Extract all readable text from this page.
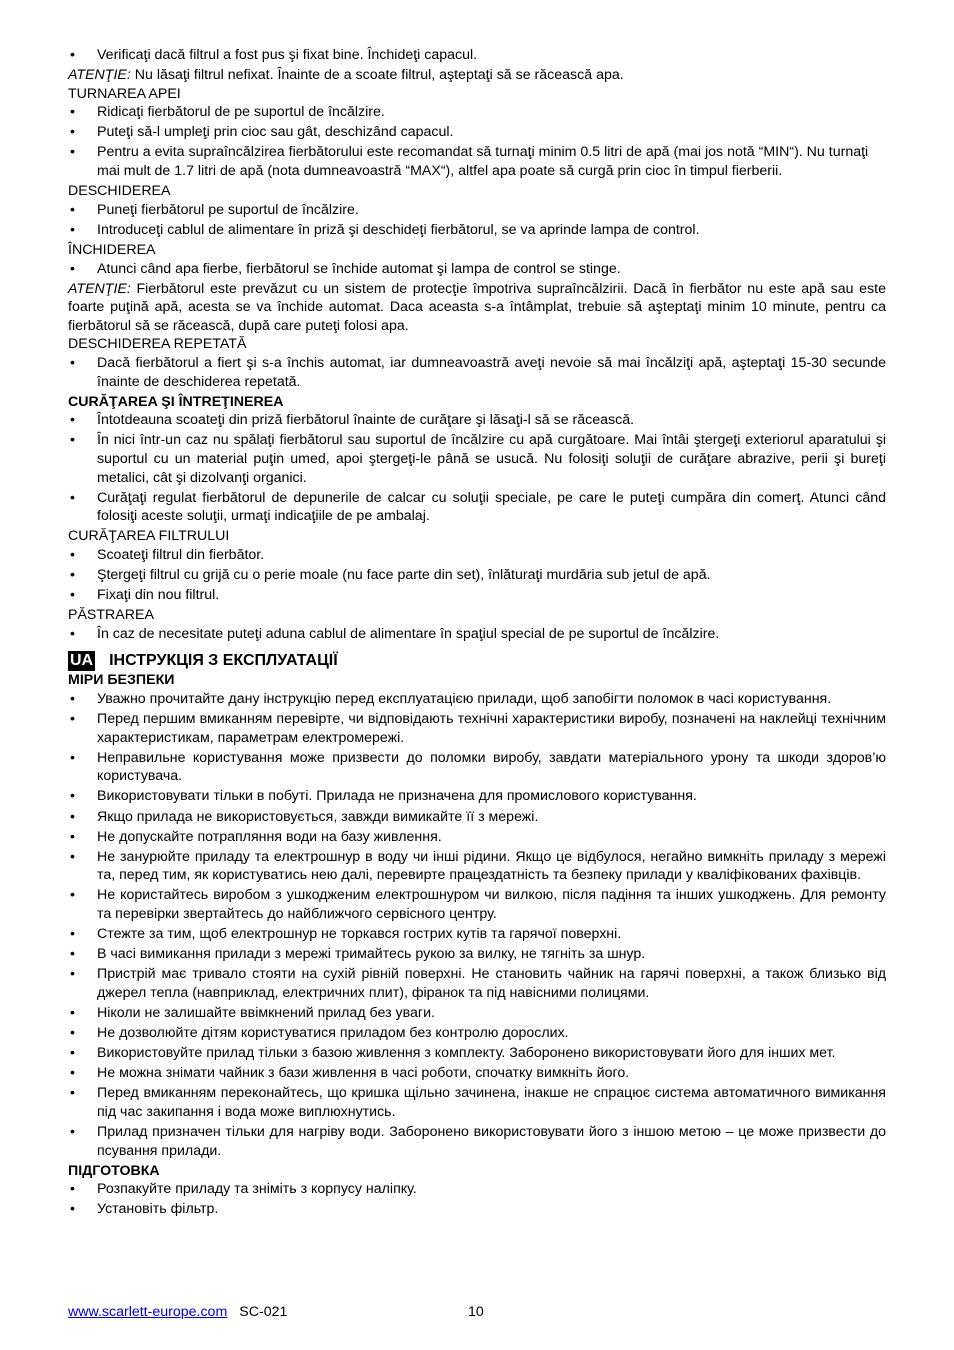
• Verificaţi dacă filtrul a fost pus şi fixat bine. Închideţi capacul.

ATENŢIE: Nu lăsaţi filtrul nefixat. Înainte de a scoate filtrul, aşteptaţi să se răcească apa.

TURNAREA APEI

• Ridicaţi fierbătorul de pe suportul de încălzire.
• Puteţi să-l umpleţi prin cioc sau gât, deschizând capacul.
• Pentru a evita supraîncălzirea fierbătorului este recomandat să turnaţi minim 0.5 litri de apă (mai jos notă “MIN“). Nu turnaţi mai mult de 1.7 litri de apă (nota dumneavoastră “MAX“), altfel apa poate să curgă prin cioc în timpul fierberii.

DESCHIDEREA

• Puneţi fierbătorul pe suportul de încălzire.
• Introduceţi cablul de alimentare în priză şi deschideţi fierbătorul, se va aprinde lampa de control.

ÎNCHIDEREA

• Atunci când apa fierbe, fierbătorul se închide automat şi lampa de control se stinge.

ATENŢIE: Fierbătorul este prevăzut cu un sistem de protecţie împotriva supraîncălzirii. Dacă în fierbător nu este apă sau este foarte puţină apă, acesta se va închide automat. Daca aceasta s-a întâmplat, trebuie să aşteptaţi minim 10 minute, pentru ca fierbătorul să se răcească, după care puteţi folosi apa.

DESCHIDEREA REPETATĂ

• Dacă fierbătorul a fiert şi s-a închis automat, iar dumneavoastră aveţi nevoie să mai încălziţi apă, aşteptaţi 15-30 secunde înainte de deschiderea repetată.

CURĂŢAREA ŞI ÎNTREŢINEREA

• Întotdeauna scoateţi din priză fierbătorul înainte de curăţare şi lăsaţi-l să se răcească.
• În nici într-un caz nu spălaţi fierbătorul sau suportul de încălzire cu apă curgătoare. Mai întâi ştergeţi exteriorul aparatului şi suportul cu un material puţin umed, apoi ştergeţi-le până se usucă. Nu folosiţi soluţii de curăţare abrazive, perii şi bureţi metalici, cât şi dizolvanţi organici.
• Curăţaţi regulat fierbătorul de depunerile de calcar cu soluţii speciale, pe care le puteţi cumpăra din comerţ. Atunci când folosiţi aceste soluţii, urmaţi indicaţiile de pe ambalaj.

CURĂŢAREA FILTRULUI

• Scoateţi filtrul din fierbător.
• Ştergeţi filtrul cu grijă cu o perie moale (nu face parte din set), înlăturaţi murdăria sub jetul de apă.
• Fixaţi din nou filtrul.

PĂSTRAREA

• În caz de necesitate puteţi aduna cablul de alimentare în spaţiul special de pe suportul de încălzire.
UA ІНСТРУКЦІЯ З ЕКСПЛУАТАЦІЇ

МІРИ БЕЗПЕКИ

• Уважно прочитайте дану інструкцію перед експлуатацією прилади, щоб запобігти поломок в часі користування.
• Перед першим вмиканням перевірте, чи відповідають технічні характеристики виробу, позначені на наклейці технічним характеристикам, параметрам електромережі.
• Неправильне користування може призвести до поломки виробу, завдати матеріального урону та шкоди здоров’ю користувача.
• Використовувати тільки в побуті. Прилада не призначена для промислового користування.
• Якщо прилада не використовується, завжди вимикайте її з мережі.
• Не допускайте потрапляння води на базу живлення.
• Не занурюйте приладу та електрошнур в воду чи інші рідини. Якщо це відбулося, негайно вимкніть приладу з мережі та, перед тим, як користуватись нею далі, перевирте працездатність та безпеку прилади у кваліфікованих фахівців.
• Не користайтесь виробом з ушкодженим електрошнуром чи вилкою, після падіння та інших ушкоджень. Для ремонту та перевірки звертайтесь до найближчого сервісного центру.
• Стежте за тим, щоб електрошнур не торкався гострих кутів та гарячої поверхні.
• В часі вимикання прилади з мережі тримайтесь рукою за вилку, не тягніть за шнур.
• Пристрій має тривало стояти на сухій рівній поверхні. Не становить чайник на гарячі поверхні, а також близько від джерел тепла (навприклад, електричних плит), фіранок та під навісними полицями.
• Ніколи не залишайте ввімкнений прилад без уваги.
• Не дозволюйте дітям користуватися приладом без контролю дорослих.
• Використовуйте прилад тільки з базою живлення з комплекту. Заборонено використовувати його для інших мет.
• Не можна знімати чайник з бази живлення в часі роботи, спочатку вимкніть його.
• Перед вмиканням переконайтесь, що кришка щільно зачинена, інакше не спрацює система автоматичного вимикання під час закипання і вода може виплюхнутись.
• Прилад призначен тільки для нагріву води. Заборонено використовувати його з іншою метою – це може призвести до псування прилади.

ПІДГОТОВКА

• Розпакуйте приладу та зніміть з корпусу наліпку.
• Установіть фільтр.
www.scarlett-europe.com SC-021	10
